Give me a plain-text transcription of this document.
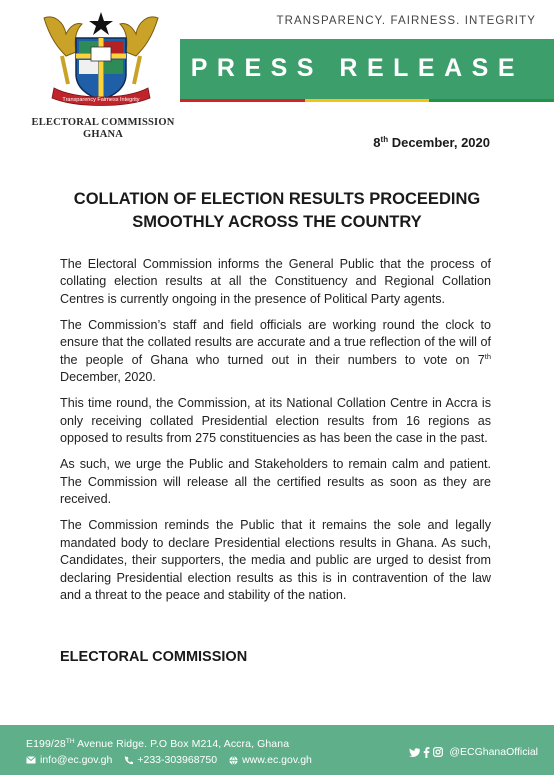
TRANSPARENCY. FAIRNESS. INTEGRITY
PRESS RELEASE
Transparency Fairness Integrity
ELECTORAL COMMISSION
GHANA
8th December, 2020
COLLATION OF ELECTION RESULTS PROCEEDING
SMOOTHLY ACROSS THE COUNTRY

The Electoral Commission informs the General Public that the process of collating election results at all the Constituency and Regional Collation Centres is currently ongoing in the presence of Political Party agents.

The Commission’s staff and field officials are working round the clock to ensure that the collated results are accurate and a true reflection of the will of the people of Ghana who turned out in their numbers to vote on 7th December, 2020.

This time round, the Commission, at its National Collation Centre in Accra is only receiving collated Presidential election results from 16 regions as opposed to results from 275 constituencies as has been the case in the past.

As such, we urge the Public and Stakeholders to remain calm and patient. The Commission will release all the certified results as soon as they are received.

The Commission reminds the Public that it remains the sole and legally mandated body to declare Presidential elections results in Ghana. As such, Candidates, their supporters, the media and public are urged to desist from declaring Presidential election results as this is in contravention of the law and a threat to the peace and stability of the nation.

ELECTORAL COMMISSION
E199/28TH Avenue Ridge. P.O Box M214, Accra, Ghana
info@ec.gov.gh +233-303968750 www.ec.gov.gh
@ECGhanaOfficial
